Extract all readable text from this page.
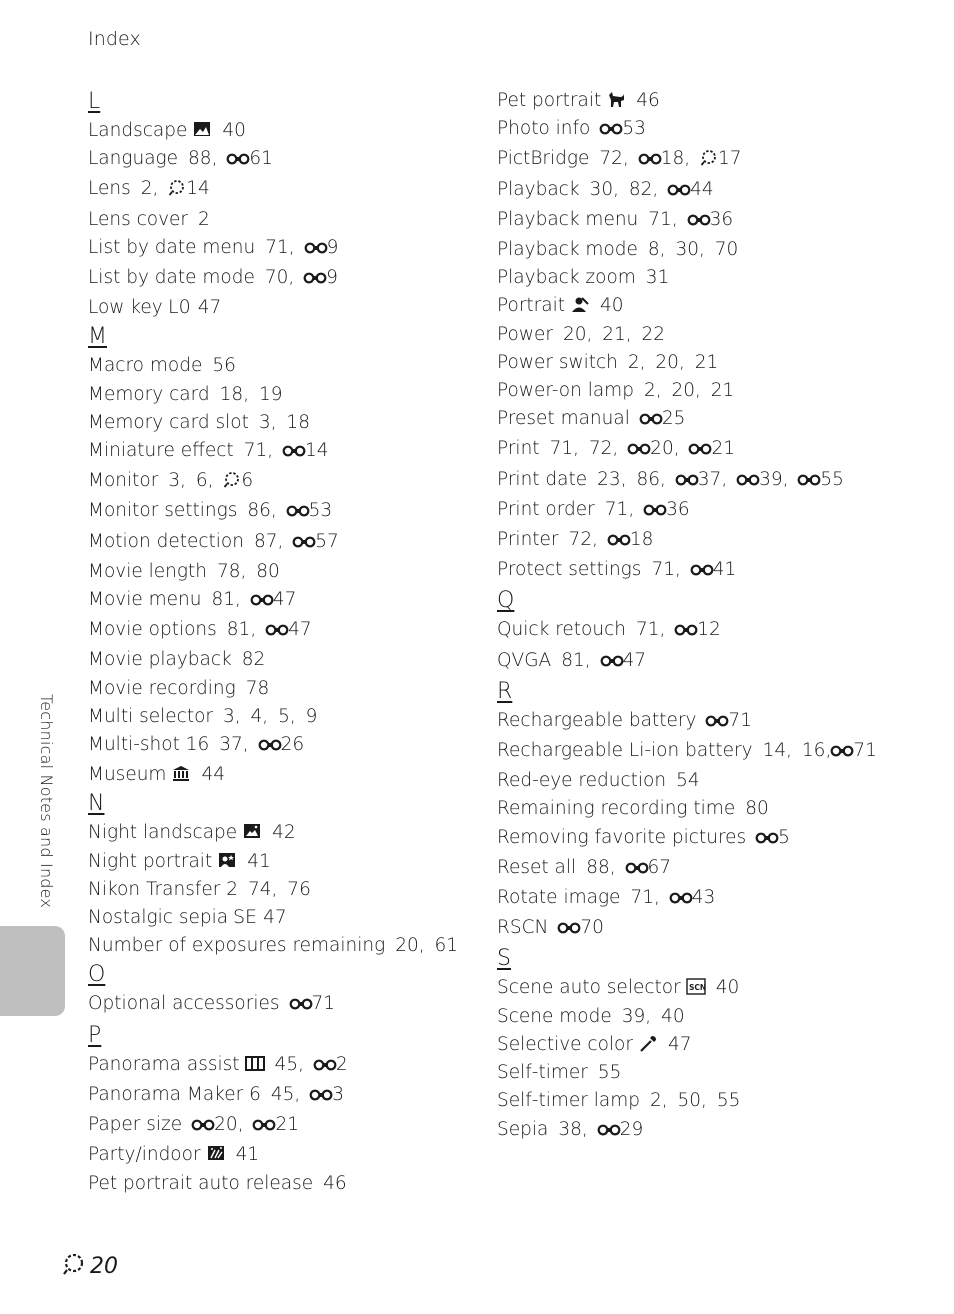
Index
L
Landscape 40
Language 88, 61
Lens 2, 14
Lens cover 2
List by date menu 71, 9
List by date mode 70, 9
Low key L0 47
M
Macro mode 56
Memory card 18, 19
Memory card slot 3, 18
Miniature effect 71, 14
Monitor 3, 6, 6
Monitor settings 86, 53
Motion detection 87, 57
Movie length 78, 80
Movie menu 81, 47
Movie options 81, 47
Movie playback 82
Movie recording 78
Multi selector 3, 4, 5, 9
Multi-shot 16 37, 26
Museum 44
N
Night landscape 42
Night portrait 41
Nikon Transfer 2 74, 76
Nostalgic sepia SE 47
Number of exposures remaining 20, 61
O
Optional accessories 71
P
Panorama assist 45, 2
Panorama Maker 6 45, 3
Paper size 20, 21
Party/indoor 41
Pet portrait auto release 46
Pet portrait 46
Photo info 53
PictBridge 72, 18, 17
Playback 30, 82, 44
Playback menu 71, 36
Playback mode 8, 30, 70
Playback zoom 31
Portrait 40
Power 20, 21, 22
Power switch 2, 20, 21
Power-on lamp 2, 20, 21
Preset manual 25
Print 71, 72, 20, 21
Print date 23, 86, 37, 39, 55
Print order 71, 36
Printer 72, 18
Protect settings 71, 41
Q
Quick retouch 71, 12
QVGA 81, 47
R
Rechargeable battery 71
Rechargeable Li-ion battery 14, 16, 71
Red-eye reduction 54
Remaining recording time 80
Removing favorite pictures 5
Reset all 88, 67
Rotate image 71, 43
RSCN 70
S
Scene auto selector SCN 40
Scene mode 39, 40
Selective color 47
Self-timer 55
Self-timer lamp 2, 50, 55
Sepia 38, 29
Technical Notes and Index
20
